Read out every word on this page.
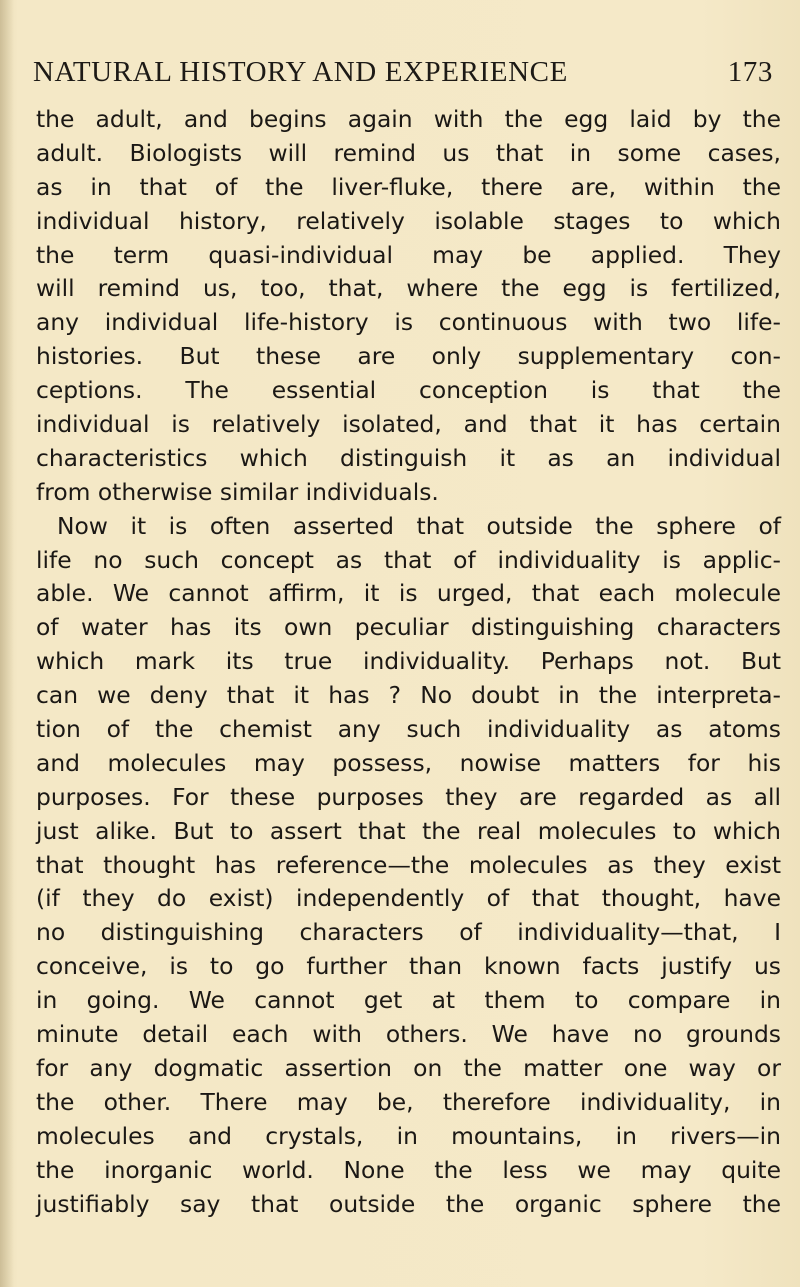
NATURAL HISTORY AND EXPERIENCE	173
the adult, and begins again with the egg laid by the
adult. Biologists will remind us that in some cases,
as in that of the liver-fluke, there are, within the
individual history, relatively isolable stages to which
the term quasi-individual may be applied. They
will remind us, too, that, where the egg is fertilized,
any individual life-history is continuous with two life-
histories. But these are only supplementary con-
ceptions. The essential conception is that the
individual is relatively isolated, and that it has certain
characteristics which distinguish it as an individual
from otherwise similar individuals.
Now it is often asserted that outside the sphere of
life no such concept as that of individuality is applic-
able. We cannot affirm, it is urged, that each molecule
of water has its own peculiar distinguishing characters
which mark its true individuality. Perhaps not. But
can we deny that it has ? No doubt in the interpreta-
tion of the chemist any such individuality as atoms
and molecules may possess, nowise matters for his
purposes. For these purposes they are regarded as all
just alike. But to assert that the real molecules to which
that thought has reference—the molecules as they exist
(if they do exist) independently of that thought, have
no distinguishing characters of individuality—that, I
conceive, is to go further than known facts justify us
in going. We cannot get at them to compare in
minute detail each with others. We have no grounds
for any dogmatic assertion on the matter one way or
the other. There may be, therefore individuality, in
molecules and crystals, in mountains, in rivers—in
the inorganic world. None the less we may quite
justifiably say that outside the organic sphere the
